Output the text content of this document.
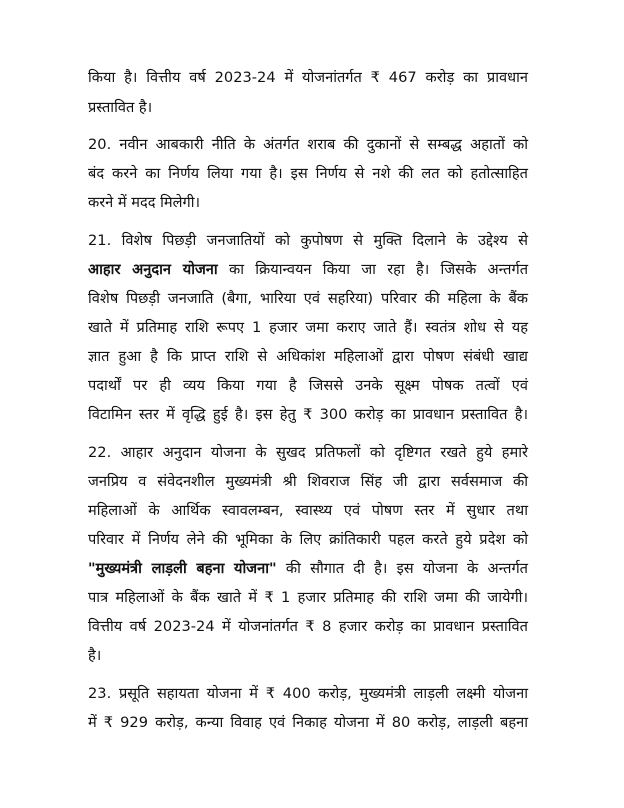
किया है। वित्तीय वर्ष 2023-24 में योजनांतर्गत ₹ 467 करोड़ का प्रावधान
प्रस्तावित है।
20. नवीन आबकारी नीति के अंतर्गत शराब की दुकानों से सम्बद्ध अहातों को
बंद करने का निर्णय लिया गया है। इस निर्णय से नशे की लत को हतोत्साहित
करने में मदद मिलेगी।
21. विशेष पिछड़ी जनजातियों को कुपोषण से मुक्ति दिलाने के उद्देश्य से
आहार अनुदान योजना का क्रियान्वयन किया जा रहा है। जिसके अन्तर्गत
विशेष पिछड़ी जनजाति (बैगा, भारिया एवं सहरिया) परिवार की महिला के बैंक
खाते में प्रतिमाह राशि रूपए 1 हजार जमा कराए जाते हैं। स्वतंत्र शोध से यह
ज्ञात हुआ है कि प्राप्त राशि से अधिकांश महिलाओं द्वारा पोषण संबंधी खाद्य
पदार्थों पर ही व्यय किया गया है जिससे उनके सूक्ष्म पोषक तत्वों एवं
विटामिन स्तर में वृद्धि हुई है। इस हेतु ₹ 300 करोड़ का प्रावधान प्रस्तावित है।
22. आहार अनुदान योजना के सुखद प्रतिफलों को दृष्टिगत रखते हुये हमारे
जनप्रिय व संवेदनशील मुख्यमंत्री श्री शिवराज सिंह जी द्वारा सर्वसमाज की
महिलाओं के आर्थिक स्वावलम्बन, स्वास्थ्य एवं पोषण स्तर में सुधार तथा
परिवार में निर्णय लेने की भूमिका के लिए क्रांतिकारी पहल करते हुये प्रदेश को
"मुख्यमंत्री लाड़ली बहना योजना" की सौगात दी है। इस योजना के अन्तर्गत
पात्र महिलाओं के बैंक खाते में ₹ 1 हजार प्रतिमाह की राशि जमा की जायेगी।
वित्तीय वर्ष 2023-24 में योजनांतर्गत ₹ 8 हजार करोड़ का प्रावधान प्रस्तावित
है।
23. प्रसूति सहायता योजना में ₹ 400 करोड़, मुख्यमंत्री लाड़ली लक्ष्मी योजना
में ₹ 929 करोड़, कन्या विवाह एवं निकाह योजना में 80 करोड़, लाड़ली बहना
